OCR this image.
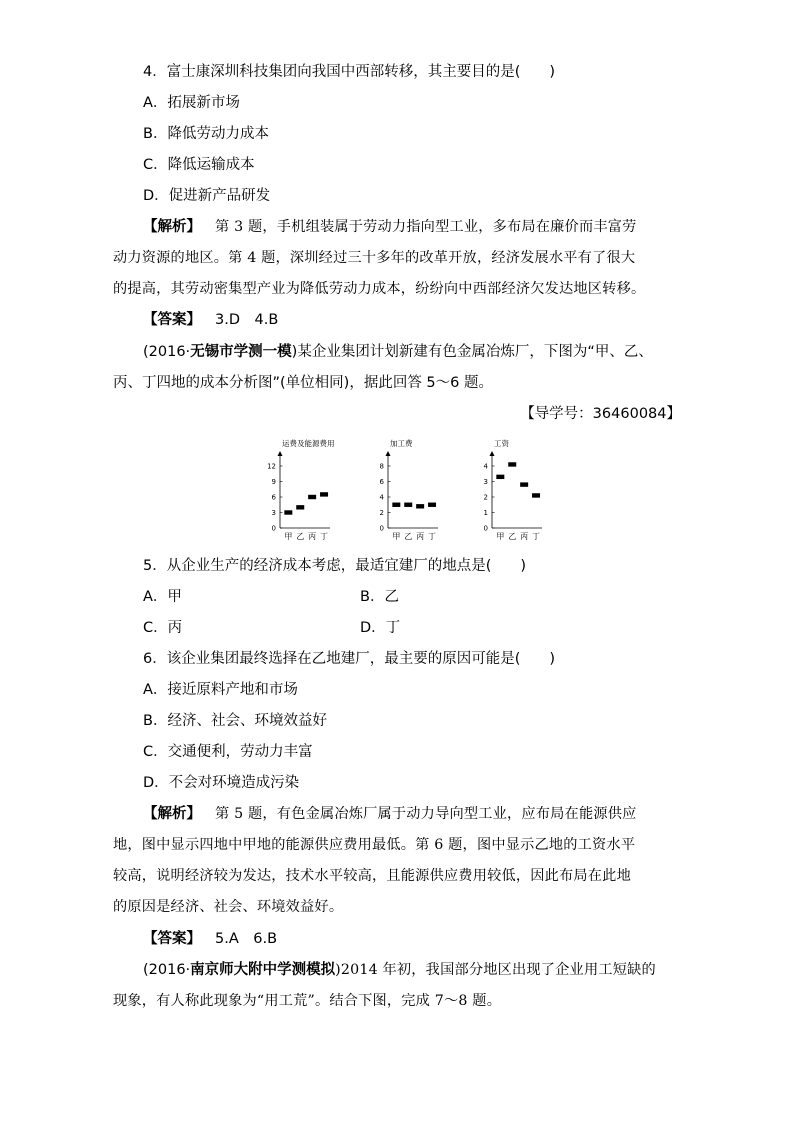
4．富士康深圳科技集团向我国中西部转移，其主要目的是(　　)
A．拓展新市场
B．降低劳动力成本
C．降低运输成本
D．促进新产品研发
【解析】 第 3 题，手机组装属于劳动力指向型工业，多布局在廉价而丰富劳
动力资源的地区。第 4 题，深圳经过三十多年的改革开放，经济发展水平有了很大
的提高，其劳动密集型产业为降低劳动力成本，纷纷向中西部经济欠发达地区转移。
【答案】 3.D　4.B
(2016·无锡市学测一模)某企业集团计划新建有色金属冶炼厂，下图为“甲、乙、
丙、丁四地的成本分析图”(单位相同)，据此回答 5～6 题。
【导学号：36460084】
运费及能源费用
0
3
6
9
12
甲 乙 丙 丁
加工费
0
2
4
6
8
甲 乙 丙 丁
工资
0
1
2
3
4
甲 乙 丙 丁
5．从企业生产的经济成本考虑，最适宜建厂的地点是(　　)
A．甲	B．乙
C．丙	D．丁
6．该企业集团最终选择在乙地建厂，最主要的原因可能是(　　)
A．接近原料产地和市场
B．经济、社会、环境效益好
C．交通便利，劳动力丰富
D．不会对环境造成污染
【解析】 第 5 题，有色金属冶炼厂属于动力导向型工业，应布局在能源供应
地，图中显示四地中甲地的能源供应费用最低。第 6 题，图中显示乙地的工资水平
较高，说明经济较为发达，技术水平较高，且能源供应费用较低，因此布局在此地
的原因是经济、社会、环境效益好。
【答案】 5.A　6.B
(2016·南京师大附中学测模拟)2014 年初，我国部分地区出现了企业用工短缺的
现象，有人称此现象为“用工荒”。结合下图，完成 7～8 题。
